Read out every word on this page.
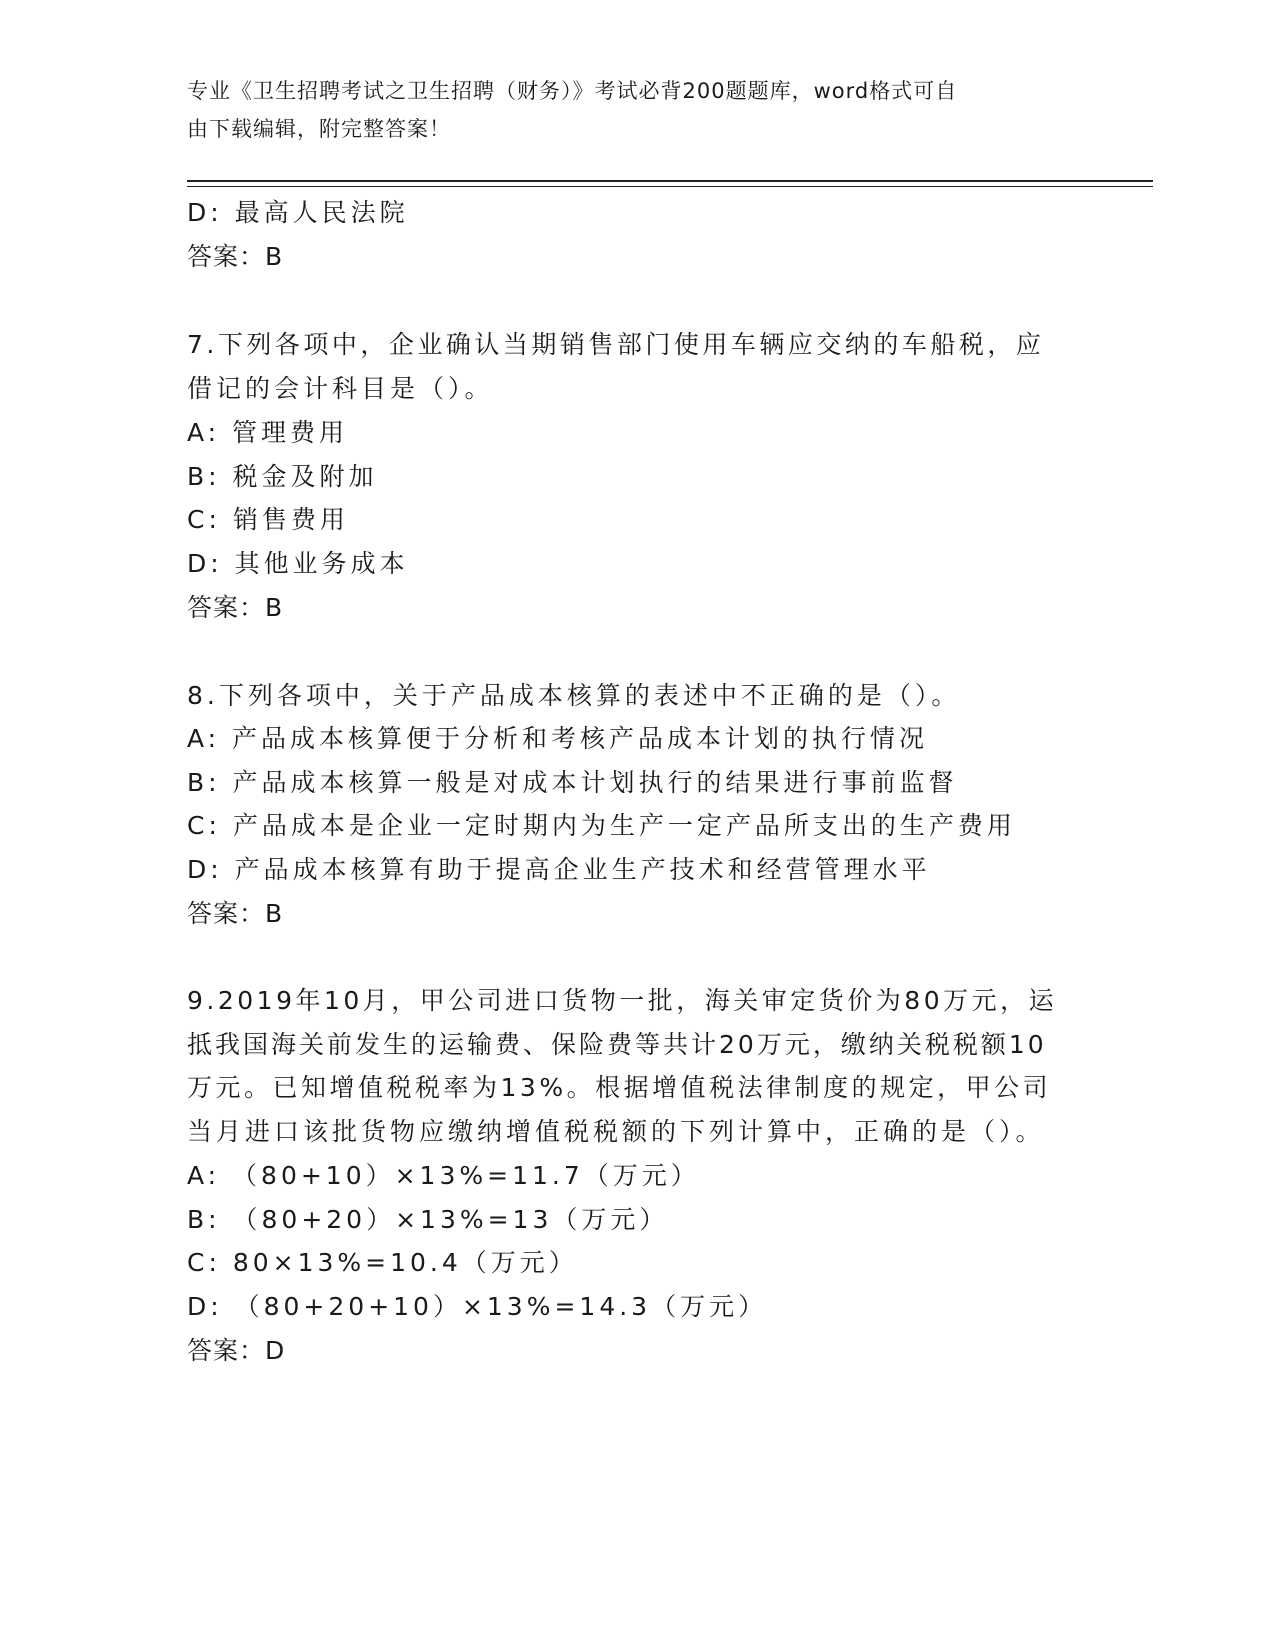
专业《卫生招聘考试之卫生招聘（财务）》考试必背200题题库，word格式可自
由下载编辑，附完整答案！
D: 最高人民法院
答案：B
7.下列各项中，企业确认当期销售部门使用车辆应交纳的车船税，应
借记的会计科目是（）。
A: 管理费用
B: 税金及附加
C: 销售费用
D: 其他业务成本
答案：B
8.下列各项中，关于产品成本核算的表述中不正确的是（）。
A: 产品成本核算便于分析和考核产品成本计划的执行情况
B: 产品成本核算一般是对成本计划执行的结果进行事前监督
C: 产品成本是企业一定时期内为生产一定产品所支出的生产费用
D: 产品成本核算有助于提高企业生产技术和经营管理水平
答案：B
9.2019年10月，甲公司进口货物一批，海关审定货价为80万元，运
抵我国海关前发生的运输费、保险费等共计20万元，缴纳关税税额10
万元。已知增值税税率为13%。根据增值税法律制度的规定，甲公司
当月进口该批货物应缴纳增值税税额的下列计算中，正确的是（）。
A: （80+10）×13%=11.7（万元）
B: （80+20）×13%=13（万元）
C: 80×13%=10.4（万元）
D: （80+20+10）×13%=14.3（万元）
答案：D
